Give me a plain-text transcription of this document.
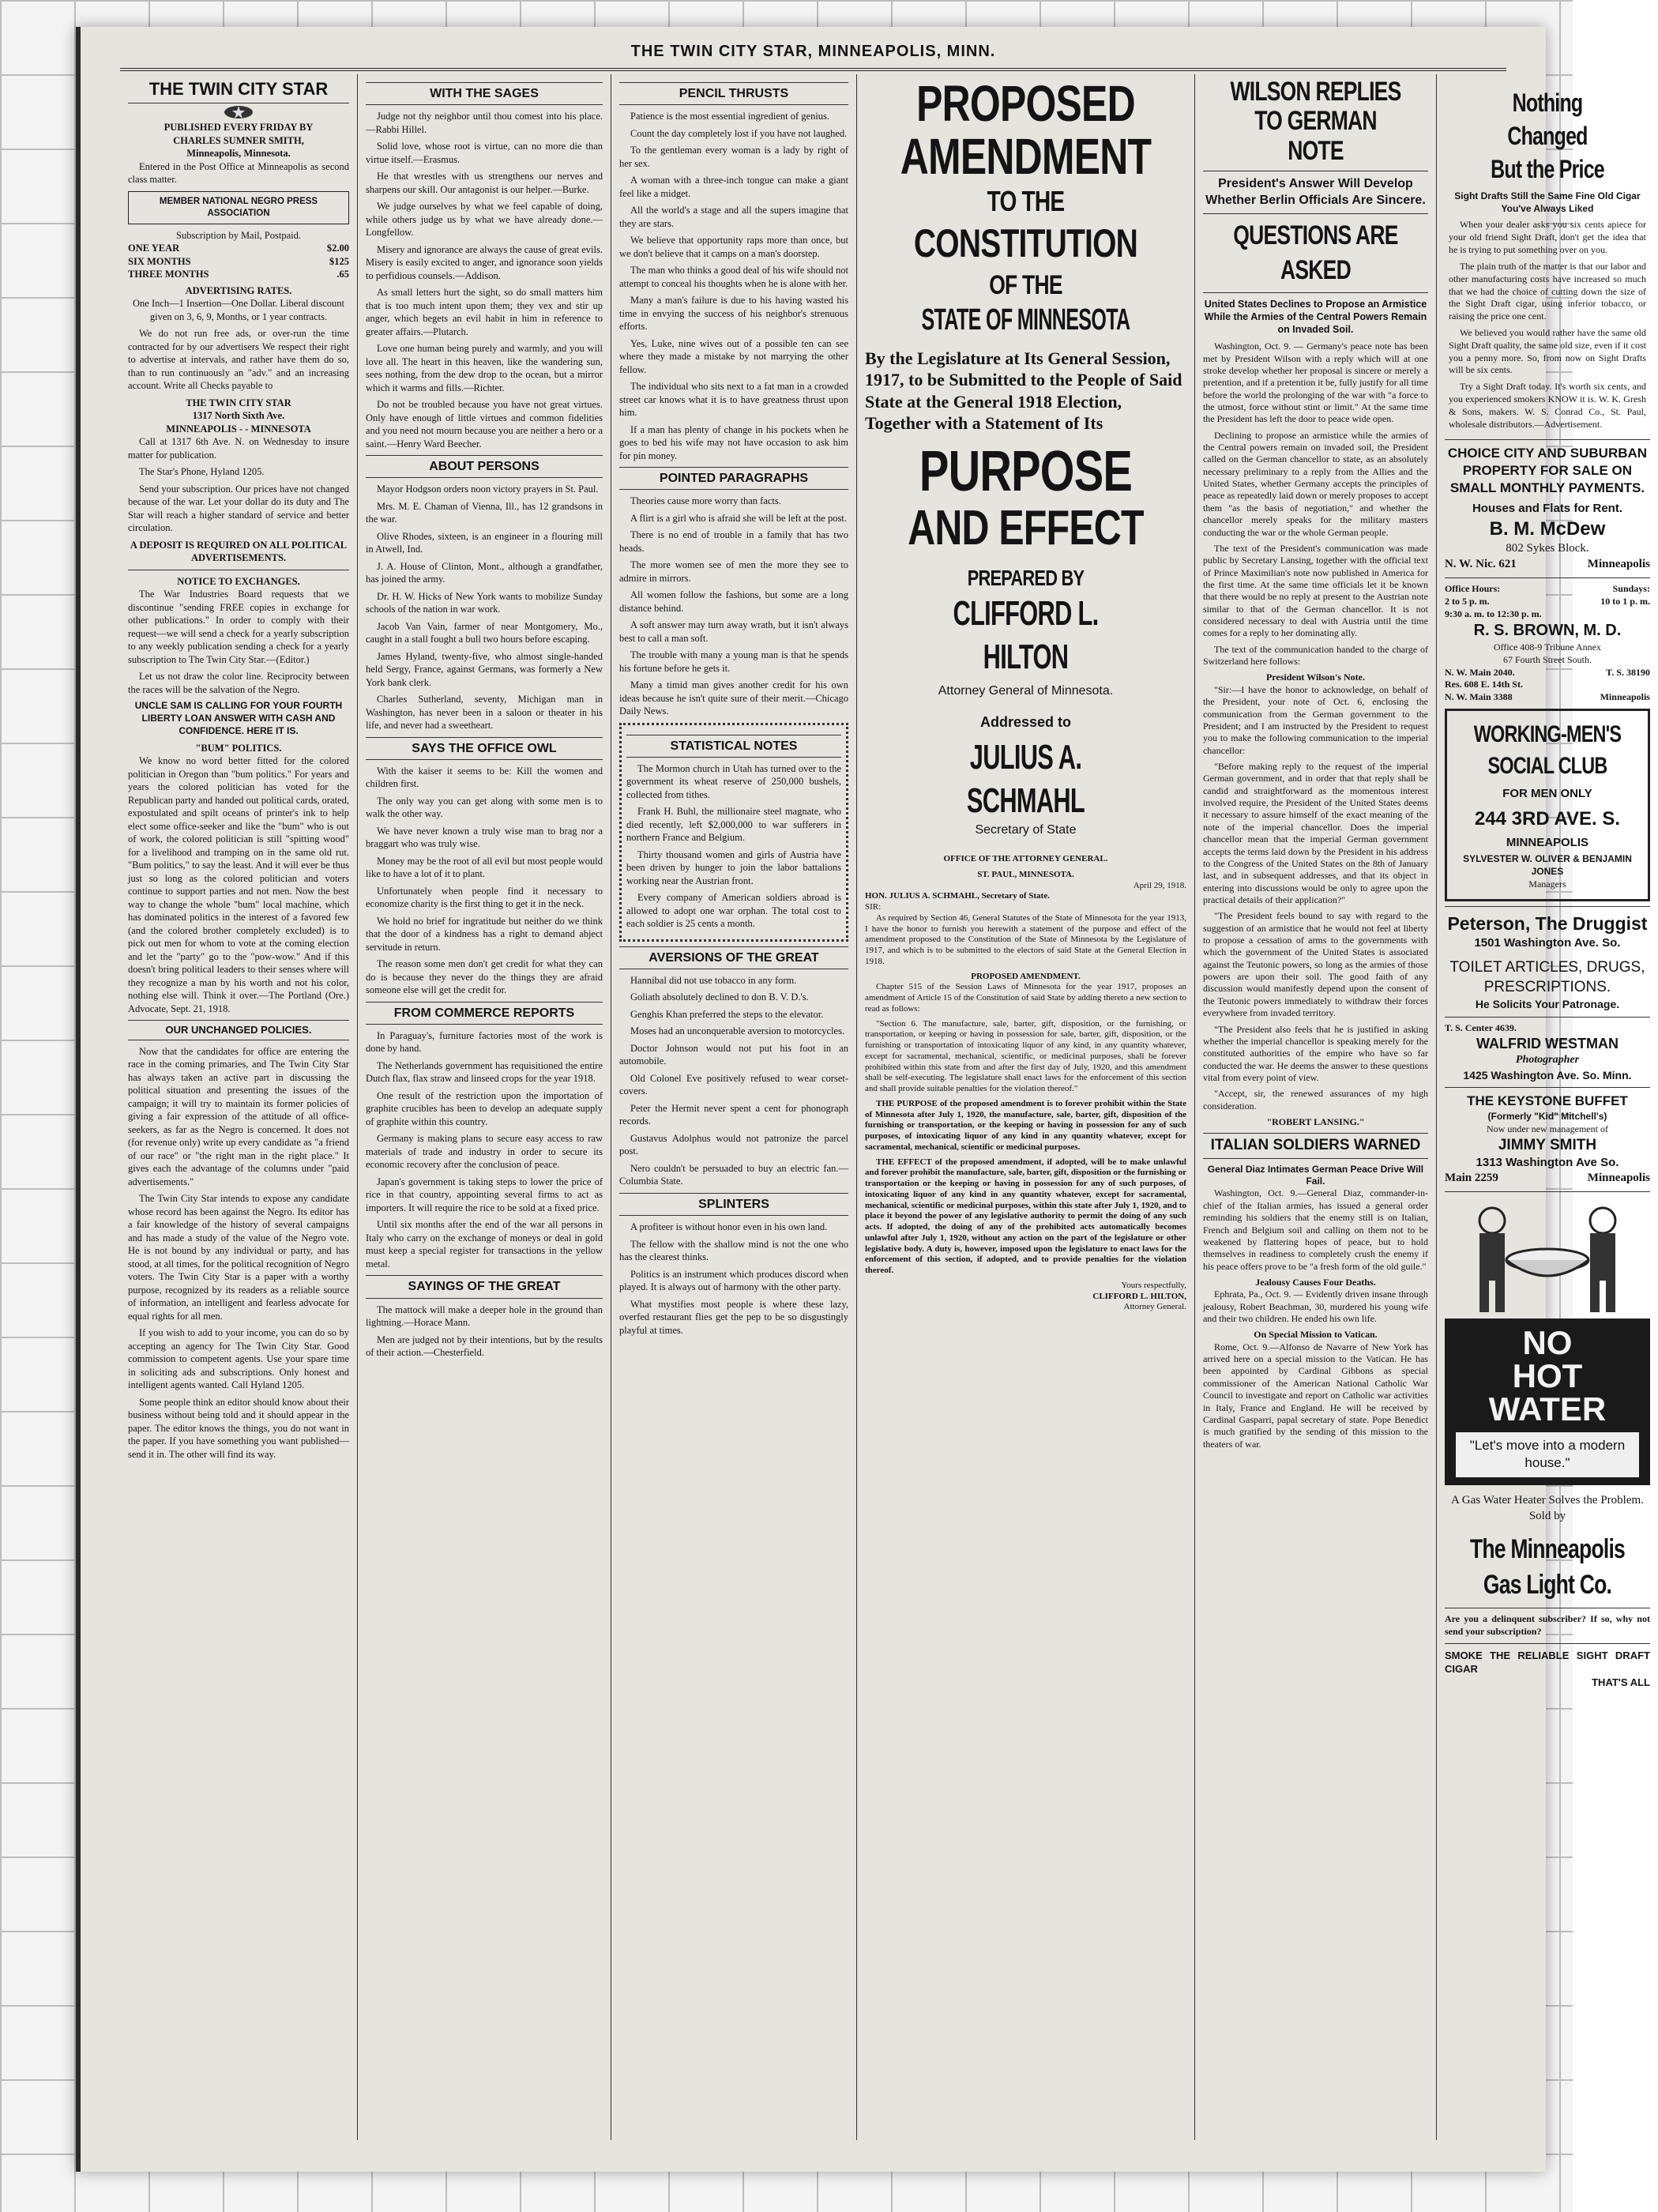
THE TWIN CITY STAR, MINNEAPOLIS, MINN.
THE TWIN CITY STAR
PUBLISHED EVERY FRIDAY BY
CHARLES SUMNER SMITH,
Minneapolis, Minnesota.

Entered in the Post Office at Minneapolis as second class matter.

MEMBER NATIONAL NEGRO PRESS ASSOCIATION
Subscription by Mail, Postpaid.
ONE YEAR	$2.00
SIX MONTHS	$125
THREE MONTHS	.65
ADVERTISING RATES.

One Inch—1 Insertion—One Dollar. Liberal discount given on 3, 6, 9, Months, or 1 year contracts.

We do not run free ads, or over-run the time contracted for by our advertisers We respect their right to advertise at intervals, and rather have them do so, than to run continuously an "adv." and an increasing account. Write all Checks payable to

THE TWIN CITY STAR
1317 North Sixth Ave.
MINNEAPOLIS - - MINNESOTA

Call at 1317 6th Ave. N. on Wednesday to insure matter for publication.

The Star's Phone, Hyland 1205.

Send your subscription. Our prices have not changed because of the war. Let your dollar do its duty and The Star will reach a higher standard of service and better circulation.

A DEPOSIT IS REQUIRED ON ALL POLITICAL ADVERTISEMENTS.

NOTICE TO EXCHANGES.

The War Industries Board requests that we discontinue "sending FREE copies in exchange for other publications." In order to comply with their request—we will send a check for a yearly subscription to any weekly publication sending a check for a yearly subscription to The Twin City Star.—(Editor.)

Let us not draw the color line. Reciprocity between the races will be the salvation of the Negro.

UNCLE SAM IS CALLING FOR YOUR FOURTH LIBERTY LOAN ANSWER WITH CASH AND CONFIDENCE. HERE IT IS.
"BUM" POLITICS.

We know no word better fitted for the colored politician in Oregon than "bum politics." For years and years the colored politician has voted for the Republican party and handed out political cards, orated, expostulated and spilt oceans of printer's ink to help elect some office-seeker and like the "bum" who is out of work, the colored politician is still "spitting wood" for a livelihood and tramping on in the same old rut. "Bum politics," to say the least. And it will ever be thus just so long as the colored politician and voters continue to support parties and not men. Now the best way to change the whole "bum" local machine, which has dominated politics in the interest of a favored few (and the colored brother completely excluded) is to pick out men for whom to vote at the coming election and let the "party" go to the "pow-wow." And if this doesn't bring political leaders to their senses where will they recognize a man by his worth and not his color, nothing else will. Think it over.—The Portland (Ore.) Advocate, Sept. 21, 1918.

OUR UNCHANGED POLICIES.

Now that the candidates for office are entering the race in the coming primaries, and The Twin City Star has always taken an active part in discussing the political situation and presenting the issues of the campaign; it will try to maintain its former policies of giving a fair expression of the attitude of all office-seekers, as far as the Negro is concerned. It does not (for revenue only) write up every candidate as "a friend of our race" or "the right man in the right place." It gives each the advantage of the columns under "paid advertisements."

The Twin City Star intends to expose any candidate whose record has been against the Negro. Its editor has a fair knowledge of the history of several campaigns and has made a study of the value of the Negro vote. He is not bound by any individual or party, and has stood, at all times, for the political recognition of Negro voters. The Twin City Star is a paper with a worthy purpose, recognized by its readers as a reliable source of information, an intelligent and fearless advocate for equal rights for all men.

If you wish to add to your income, you can do so by accepting an agency for The Twin City Star. Good commission to competent agents. Use your spare time in soliciting ads and subscriptions. Only honest and intelligent agents wanted. Call Hyland 1205.

Some people think an editor should know about their business without being told and it should appear in the paper. The editor knows the things, you do not want in the paper. If you have something you want published—send it in. The other will find its way.

WITH THE SAGES

Judge not thy neighbor until thou comest into his place.—Rabbi Hillel.

Solid love, whose root is virtue, can no more die than virtue itself.—Erasmus.

He that wrestles with us strengthens our nerves and sharpens our skill. Our antagonist is our helper.—Burke.

We judge ourselves by what we feel capable of doing, while others judge us by what we have already done.—Longfellow.

Misery and ignorance are always the cause of great evils. Misery is easily excited to anger, and ignorance soon yields to perfidious counsels.—Addison.

As small letters hurt the sight, so do small matters him that is too much intent upon them; they vex and stir up anger, which begets an evil habit in him in reference to greater affairs.—Plutarch.

Love one human being purely and warmly, and you will love all. The heart in this heaven, like the wandering sun, sees nothing, from the dew drop to the ocean, but a mirror which it warms and fills.—Richter.

Do not be troubled because you have not great virtues. Only have enough of little virtues and common fidelities and you need not mourn because you are neither a hero or a saint.—Henry Ward Beecher.

ABOUT PERSONS

Mayor Hodgson orders noon victory prayers in St. Paul.

Mrs. M. E. Chaman of Vienna, Ill., has 12 grandsons in the war.

Olive Rhodes, sixteen, is an engineer in a flouring mill in Atwell, Ind.

J. A. House of Clinton, Mont., although a grandfather, has joined the army.

Dr. H. W. Hicks of New York wants to mobilize Sunday schools of the nation in war work.

Jacob Van Vain, farmer of near Montgomery, Mo., caught in a stall fought a bull two hours before escaping.

James Hyland, twenty-five, who almost single-handed held Sergy, France, against Germans, was formerly a New York bank clerk.

Charles Sutherland, seventy, Michigan man in Washington, has never been in a saloon or theater in his life, and never had a sweetheart.

SAYS THE OFFICE OWL

With the kaiser it seems to be: Kill the women and children first.

The only way you can get along with some men is to walk the other way.

We have never known a truly wise man to brag nor a braggart who was truly wise.

Money may be the root of all evil but most people would like to have a lot of it to plant.

Unfortunately when people find it necessary to economize charity is the first thing to get it in the neck.

We hold no brief for ingratitude but neither do we think that the door of a kindness has a right to demand abject servitude in return.

The reason some men don't get credit for what they can do is because they never do the things they are afraid someone else will get the credit for.

FROM COMMERCE REPORTS

In Paraguay's, furniture factories most of the work is done by hand.

The Netherlands government has requisitioned the entire Dutch flax, flax straw and linseed crops for the year 1918.

One result of the restriction upon the importation of graphite crucibles has been to develop an adequate supply of graphite within this country.

Germany is making plans to secure easy access to raw materials of trade and industry in order to secure its economic recovery after the conclusion of peace.

Japan's government is taking steps to lower the price of rice in that country, appointing several firms to act as importers. It will require the rice to be sold at a fixed price.

Until six months after the end of the war all persons in Italy who carry on the exchange of moneys or deal in gold must keep a special register for transactions in the yellow metal.

SAYINGS OF THE GREAT

The mattock will make a deeper hole in the ground than lightning.—Horace Mann.

Men are judged not by their intentions, but by the results of their action.—Chesterfield.

PENCIL THRUSTS

Patience is the most essential ingredient of genius.

Count the day completely lost if you have not laughed.

To the gentleman every woman is a lady by right of her sex.

A woman with a three-inch tongue can make a giant feel like a midget.

All the world's a stage and all the supers imagine that they are stars.

We believe that opportunity raps more than once, but we don't believe that it camps on a man's doorstep.

The man who thinks a good deal of his wife should not attempt to conceal his thoughts when he is alone with her.

Many a man's failure is due to his having wasted his time in envying the success of his neighbor's strenuous efforts.

Yes, Luke, nine wives out of a possible ten can see where they made a mistake by not marrying the other fellow.

The individual who sits next to a fat man in a crowded street car knows what it is to have greatness thrust upon him.

If a man has plenty of change in his pockets when he goes to bed his wife may not have occasion to ask him for pin money.

POINTED PARAGRAPHS

Theories cause more worry than facts.

A flirt is a girl who is afraid she will be left at the post.

There is no end of trouble in a family that has two heads.

The more women see of men the more they see to admire in mirrors.

All women follow the fashions, but some are a long distance behind.

A soft answer may turn away wrath, but it isn't always best to call a man soft.

The trouble with many a young man is that he spends his fortune before he gets it.

Many a timid man gives another credit for his own ideas because he isn't quite sure of their merit.—Chicago Daily News.

STATISTICAL NOTES

The Mormon church in Utah has turned over to the government its wheat reserve of 250,000 bushels, collected from tithes.

Frank H. Buhl, the millionaire steel magnate, who died recently, left $2,000,000 to war sufferers in northern France and Belgium.

Thirty thousand women and girls of Austria have been driven by hunger to join the labor battalions working near the Austrian front.

Every company of American soldiers abroad is allowed to adopt one war orphan. The total cost to each soldier is 25 cents a month.

AVERSIONS OF THE GREAT

Hannibal did not use tobacco in any form.

Goliath absolutely declined to don B. V. D.'s.

Genghis Khan preferred the steps to the elevator.

Moses had an unconquerable aversion to motorcycles.

Doctor Johnson would not put his foot in an automobile.

Old Colonel Eve positively refused to wear corset-covers.

Peter the Hermit never spent a cent for phonograph records.

Gustavus Adolphus would not patronize the parcel post.

Nero couldn't be persuaded to buy an electric fan.—Columbia State.

SPLINTERS

A profiteer is without honor even in his own land.

The fellow with the shallow mind is not the one who has the clearest thinks.

Politics is an instrument which produces discord when played. It is always out of harmony with the other party.

What mystifies most people is where these lazy, overfed restaurant flies get the pep to be so disgustingly playful at times.

PROPOSED
AMENDMENT
TO THE
CONSTITUTION
OF THE
STATE OF MINNESOTA
By the Legislature at Its General Session, 1917, to be Submitted to the People of Said State at the General 1918 Election, Together with a Statement of Its
PURPOSE
AND EFFECT
PREPARED BY
CLIFFORD L. HILTON
Attorney General of Minnesota.
Addressed to
JULIUS A. SCHMAHL
Secretary of State
OFFICE OF THE ATTORNEY GENERAL.
ST. PAUL, MINNESOTA.
April 29, 1918.
HON. JULIUS A. SCHMAHL, Secretary of State.
SIR:

As required by Section 46, General Statutes of the State of Minnesota for the year 1913, I have the honor to furnish you herewith a statement of the purpose and effect of the amendment proposed to the Constitution of the State of Minnesota by the Legislature of 1917, and which is to be submitted to the electors of said State at the General Election in 1918.

PROPOSED AMENDMENT.

Chapter 515 of the Session Laws of Minnesota for the year 1917, proposes an amendment of Article 15 of the Constitution of said State by adding thereto a new section to read as follows:

"Section 6. The manufacture, sale, barter, gift, disposition, or the furnishing, or transportation, or keeping or having in possession for sale, barter, gift, disposition, or the furnishing or transportation of intoxicating liquor of any kind, in any quantity whatever, except for sacramental, mechanical, scientific, or medicinal purposes, shall be forever prohibited within this state from and after the first day of July, 1920, and this amendment shall be self-executing. The legislature shall enact laws for the enforcement of this section and shall provide suitable penalties for the violation thereof."

THE PURPOSE of the proposed amendment is to forever prohibit within the State of Minnesota after July 1, 1920, the manufacture, sale, barter, gift, disposition of the furnishing or transportation, or the keeping or having in possession for any of such purposes, of intoxicating liquor of any kind in any quantity whatever, except for sacramental, mechanical, scientific or medicinal purposes.

THE EFFECT of the proposed amendment, if adopted, will be to make unlawful and forever prohibit the manufacture, sale, barter, gift, disposition or the furnishing or transportation or the keeping or having in possession for any of such purposes, of intoxicating liquor of any kind in any quantity whatever, except for sacramental, mechanical, scientific or medicinal purposes, within this state after July 1, 1920, and to place it beyond the power of any legislative authority to permit the doing of any such acts. If adopted, the doing of any of the prohibited acts automatically becomes unlawful after July 1, 1920, without any action on the part of the legislature or other legislative body. A duty is, however, imposed upon the legislature to enact laws for the enforcement of this section, if adopted, and to provide penalties for the violation thereof.

Yours respectfully,
CLIFFORD L. HILTON,
Attorney General.
WILSON REPLIES TO GERMAN NOTE
President's Answer Will Develop Whether Berlin Officials Are Sincere.
QUESTIONS ARE ASKED
United States Declines to Propose an Armistice While the Armies of the Central Powers Remain on Invaded Soil.

Washington, Oct. 9. — Germany's peace note has been met by President Wilson with a reply which will at one stroke develop whether her proposal is sincere or merely a pretention, and if a pretention it be, fully justify for all time before the world the prolonging of the war with "a force to the utmost, force without stint or limit." At the same time the President has left the door to peace wide open.

Declining to propose an armistice while the armies of the Central powers remain on invaded soil, the President called on the German chancellor to state, as an absolutely necessary preliminary to a reply from the Allies and the United States, whether Germany accepts the principles of peace as repeatedly laid down or merely proposes to accept them "as the basis of negotiation," and whether the chancellor merely speaks for the military masters conducting the war or the whole German people.

The text of the President's communication was made public by Secretary Lansing, together with the official text of Prince Maximilian's note now published in America for the first time. At the same time officials let it be known that there would be no reply at present to the Austrian note similar to that of the German chancellor. It is not considered necessary to deal with Austria until the time comes for a reply to her dominating ally.

The text of the communication handed to the charge of Switzerland here follows:

President Wilson's Note.

"Sir:—I have the honor to acknowledge, on behalf of the President, your note of Oct. 6, enclosing the communication from the German government to the President; and I am instructed by the President to request you to make the following communication to the imperial chancellor:

"Before making reply to the request of the imperial German government, and in order that that reply shall be candid and straightforward as the momentous interest involved require, the President of the United States deems it necessary to assure himself of the exact meaning of the note of the imperial chancellor. Does the imperial chancellor mean that the imperial German government accepts the terms laid down by the President in his address to the Congress of the United States on the 8th of January last, and in subsequent addresses, and that its object in entering into discussions would be only to agree upon the practical details of their application?"

"The President feels bound to say with regard to the suggestion of an armistice that he would not feel at liberty to propose a cessation of arms to the governments with which the government of the United States is associated against the Teutonic powers, so long as the armies of those powers are upon their soil. The good faith of any discussion would manifestly depend upon the consent of the Teutonic powers immediately to withdraw their forces everywhere from invaded territory.

"The President also feels that he is justified in asking whether the imperial chancellor is speaking merely for the constituted authorities of the empire who have so far conducted the war. He deems the answer to these questions vital from every point of view.

"Accept, sir, the renewed assurances of my high consideration.

"ROBERT LANSING."
ITALIAN SOLDIERS WARNED
General Diaz Intimates German Peace Drive Will Fail.

Washington, Oct. 9.—General Diaz, commander-in-chief of the Italian armies, has issued a general order reminding his soldiers that the enemy still is on Italian, French and Belgium soil and calling on them not to be weakened by flattering hopes of peace, but to hold themselves in readiness to completely crush the enemy if his peace offers prove to be "a fresh form of the old guile."

Jealousy Causes Four Deaths.

Ephrata, Pa., Oct. 9. — Evidently driven insane through jealousy, Robert Beachman, 30, murdered his young wife and their two children. He ended his own life.

On Special Mission to Vatican.

Rome, Oct. 9.—Alfonso de Navarre of New York has arrived here on a special mission to the Vatican. He has been appointed by Cardinal Gibbons as special commissioner of the American National Catholic War Council to investigate and report on Catholic war activities in Italy, France and England. He will be received by Cardinal Gasparri, papal secretary of state. Pope Benedict is much gratified by the sending of this mission to the theaters of war.

Nothing Changed
But the Price
Sight Drafts Still the Same Fine Old Cigar You've Always Liked

When your dealer asks you six cents apiece for your old friend Sight Draft, don't get the idea that he is trying to put something over on you.

The plain truth of the matter is that our labor and other manufacturing costs have increased so much that we had the choice of cutting down the size of the Sight Draft cigar, using inferior tobacco, or raising the price one cent.

We believed you would rather have the same old Sight Draft quality, the same old size, even if it cost you a penny more. So, from now on Sight Drafts will be six cents.

Try a Sight Draft today. It's worth six cents, and you experienced smokers KNOW it is. W. K. Gresh & Sons, makers. W. S. Conrad Co., St. Paul, wholesale distributors.—Advertisement.

CHOICE CITY AND SUBURBAN PROPERTY FOR SALE ON SMALL MONTHLY PAYMENTS.
Houses and Flats for Rent.
B. M. McDew
802 Sykes Block.
N. W. Nic. 621	Minneapolis
Office Hours:	Sundays:
2 to 5 p. m.	10 to 1 p. m.
9:30 a. m. to 12:30 p. m.
R. S. BROWN, M. D.
Office 408-9 Tribune Annex
67 Fourth Street South.
N. W. Main 2040.	T. S. 38190
Res. 608 E. 14th St.
N. W. Main 3388	Minneapolis
WORKING-MEN'S
SOCIAL CLUB
FOR MEN ONLY
244 3RD AVE. S.
MINNEAPOLIS
SYLVESTER W. OLIVER & BENJAMIN JONES
Managers
Peterson, The Druggist
1501 Washington Ave. So.
TOILET ARTICLES, DRUGS, PRESCRIPTIONS.
He Solicits Your Patronage.
T. S. Center 4639.
WALFRID WESTMAN
Photographer
1425 Washington Ave. So. Minn.
THE KEYSTONE BUFFET
(Formerly "Kid" Mitchell's)
Now under new management of
JIMMY SMITH
1313 Washington Ave So.
Main 2259	Minneapolis
NO
HOT
WATER
"Let's move into a modern house."
A Gas Water Heater Solves the Problem. Sold by
The Minneapolis
Gas Light Co.

Are you a delinquent subscriber? If so, why not send your subscription?

SMOKE THE RELIABLE SIGHT DRAFT CIGAR
THAT'S ALL
